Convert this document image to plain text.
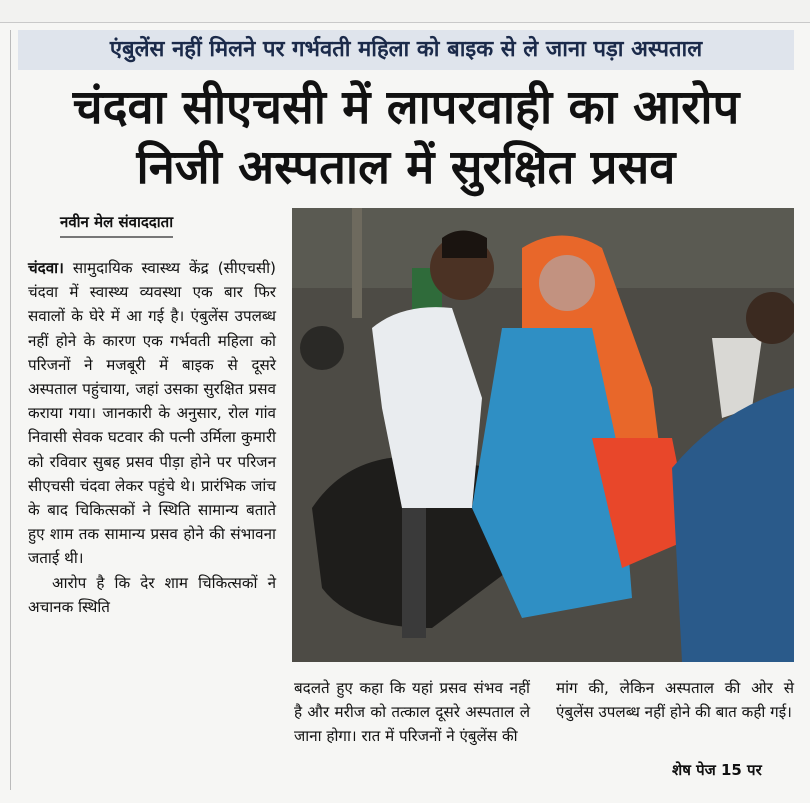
एंबुलेंस नहीं मिलने पर गर्भवती महिला को बाइक से ले जाना पड़ा अस्पताल
चंदवा सीएचसी में लापरवाही का आरोप
निजी अस्पताल में सुरक्षित प्रसव
नवीन मेल संवाददाता

चंदवा। सामुदायिक स्वास्थ्य केंद्र (सीएचसी) चंदवा में स्वास्थ्य व्यवस्था एक बार फिर सवालों के घेरे में आ गई है। एंबुलेंस उपलब्ध नहीं होने के कारण एक गर्भवती महिला को परिजनों ने मजबूरी में बाइक से दूसरे अस्पताल पहुंचाया, जहां उसका सुरक्षित प्रसव कराया गया। जानकारी के अनुसार, रोल गांव निवासी सेवक घटवार की पत्नी उर्मिला कुमारी को रविवार सुबह प्रसव पीड़ा होने पर परिजन सीएचसी चंदवा लेकर पहुंचे थे। प्रारंभिक जांच के बाद चिकित्सकों ने स्थिति सामान्य बताते हुए शाम तक सामान्य प्रसव होने की संभावना जताई थी।

आरोप है कि देर शाम चिकित्सकों ने अचानक स्थिति

बदलते हुए कहा कि यहां प्रसव संभव नहीं है और मरीज को तत्काल दूसरे अस्पताल ले जाना होगा। रात में परिजनों ने एंबुलेंस की

मांग की, लेकिन अस्पताल की ओर से एंबुलेंस उपलब्ध नहीं होने की बात कही गई।

शेष पेज 15 पर
